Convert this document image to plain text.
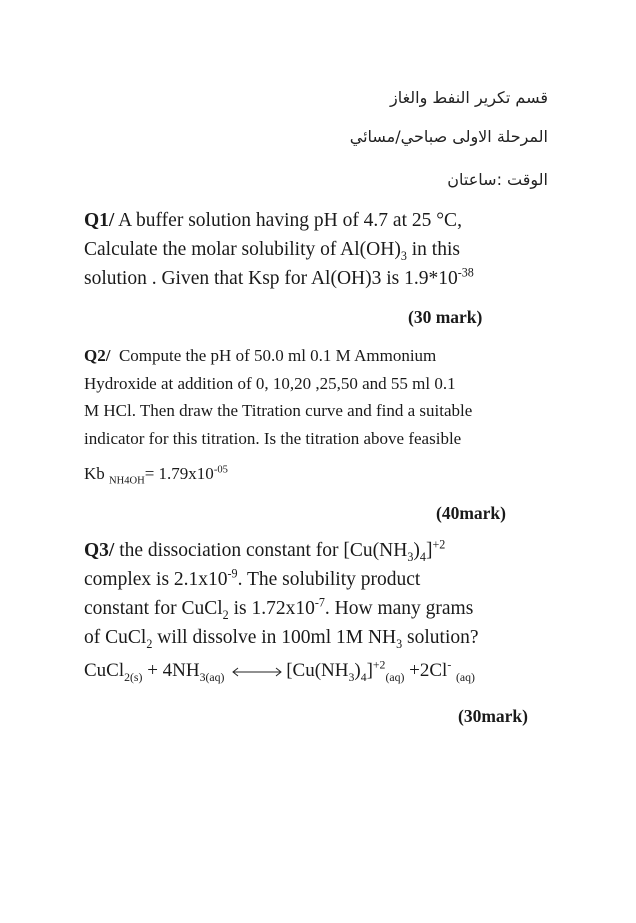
قسم تكرير النفط والغاز
المرحلة الاولى صباحي/مسائي
الوقت :ساعتان
Q1/ A buffer solution having pH of 4.7 at 25 °C,
Calculate the molar solubility of $Al(OH)_3$ in this
solution . Given that Ksp for Al(OH)3 is $1.9*10^{-38}$
(30 mark)
Q2/ Compute the pH of 50.0 ml 0.1 M Ammonium
Hydroxide at addition of 0, 10,20 ,25,50 and 55 ml 0.1
M HCl. Then draw the Titration curve and find a suitable
indicator for this titration. Is the titration above feasible
Kb $_{NH4OH}= 1.79x10^{-05}$
(40mark)
Q3/ the dissociation constant for $[Cu(NH_3)_4]^{+2}$
complex is $2.1x10^{-9}$. The solubility product
constant for CuCl$_2$ is $1.72x10^{-7}$. How many grams
of CuCl$_2$ will dissolve in 100ml 1M $NH_3$ solution?
CuCl$_{2(s)}$ + $4NH_{3(aq)}$	$[Cu(NH_3)_4]^{+2}_{(aq)} +2Cl^-$ $_{(aq)}$
(30mark)
